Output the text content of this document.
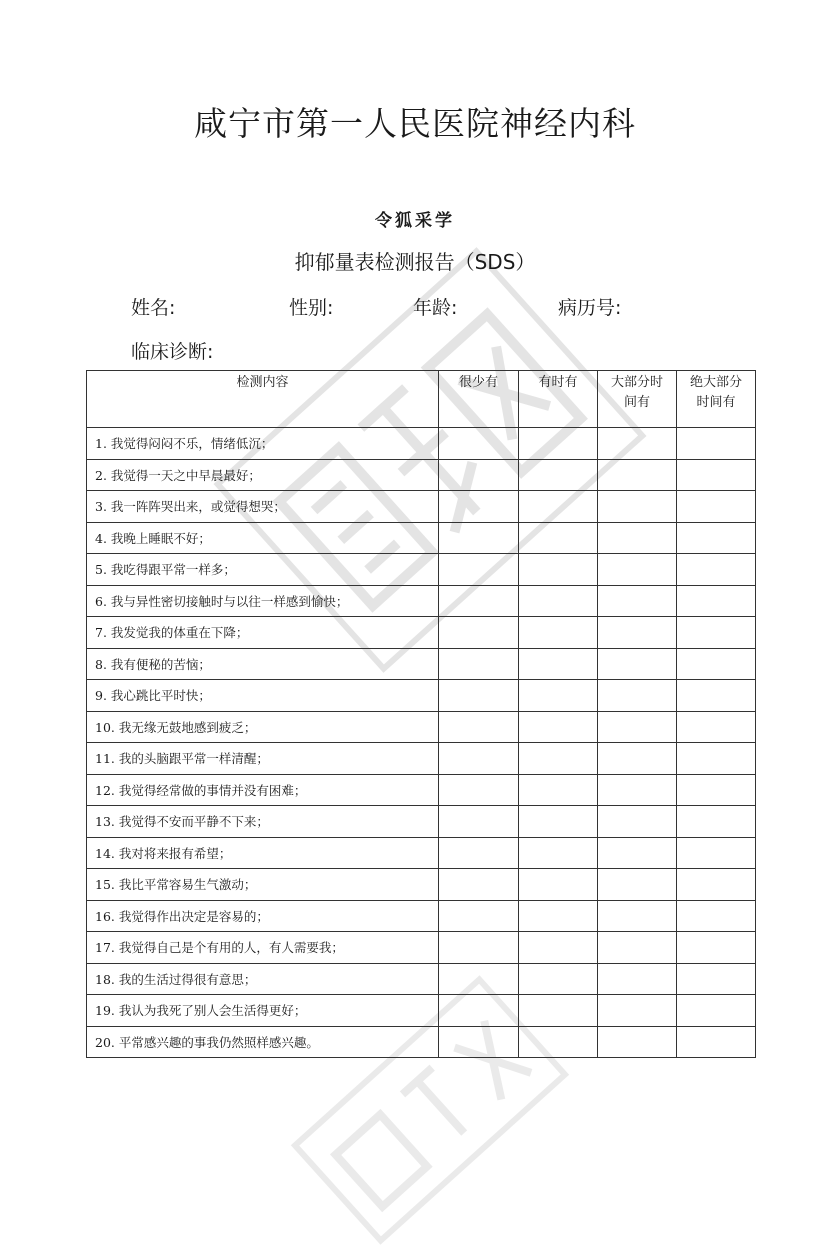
咸宁市第一人民医院神经内科
令狐采学
抑郁量表检测报告（SDS）
姓名:	性别:	年龄:	病历号:
临床诊断:
检测内容	很少有	有时有	大部分时间有	绝大部分时间有
1. 我觉得闷闷不乐，情绪低沉；				
2. 我觉得一天之中早晨最好；				
3. 我一阵阵哭出来，或觉得想哭；				
4. 我晚上睡眠不好；				
5. 我吃得跟平常一样多；				
6. 我与异性密切接触时与以往一样感到愉快；				
7. 我发觉我的体重在下降；				
8. 我有便秘的苦恼；				
9. 我心跳比平时快；				
10. 我无缘无鼓地感到疲乏；				
11. 我的头脑跟平常一样清醒；				
12. 我觉得经常做的事情并没有困难；				
13. 我觉得不安而平静不下来；				
14. 我对将来报有希望；				
15. 我比平常容易生气激动；				
16. 我觉得作出决定是容易的；				
17. 我觉得自己是个有用的人，有人需要我；				
18. 我的生活过得很有意思；				
19. 我认为我死了别人会生活得更好；				
20. 平常感兴趣的事我仍然照样感兴趣。				
